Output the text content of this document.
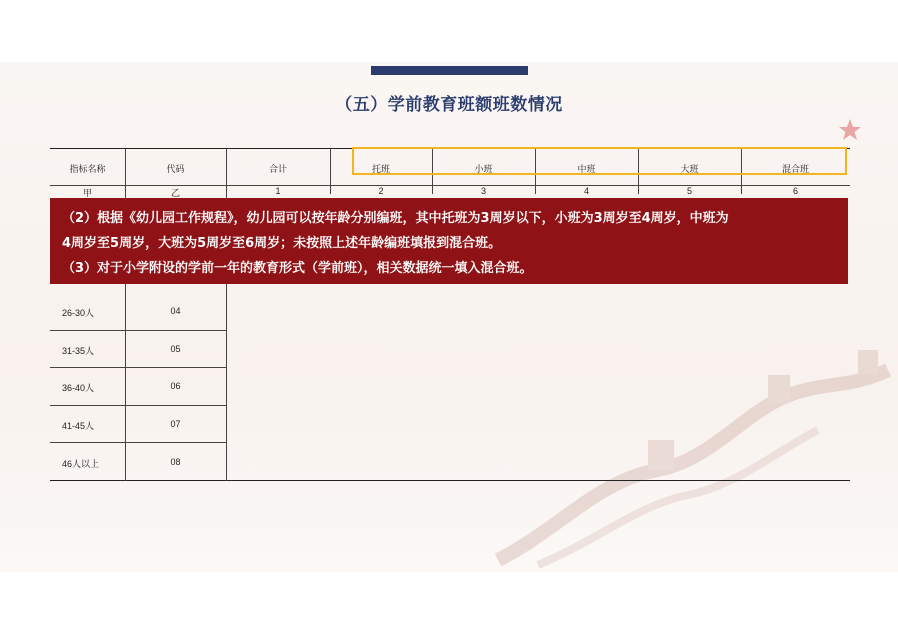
（五）学前教育班额班数情况
指标名称	代码	合计	托班	小班	中班	大班	混合班
甲	乙	1	2	3	4	5	6
26-30人	04
31-35人	05
36-40人	06
41-45人	07
46人以上	08

（2）根据《幼儿园工作规程》，幼儿园可以按年龄分别编班，其中托班为3周岁以下，小班为3周岁至4周岁，中班为

4周岁至5周岁，大班为5周岁至6周岁；未按照上述年龄编班填报到混合班。

（3）对于小学附设的学前一年的教育形式（学前班），相关数据统一填入混合班。
